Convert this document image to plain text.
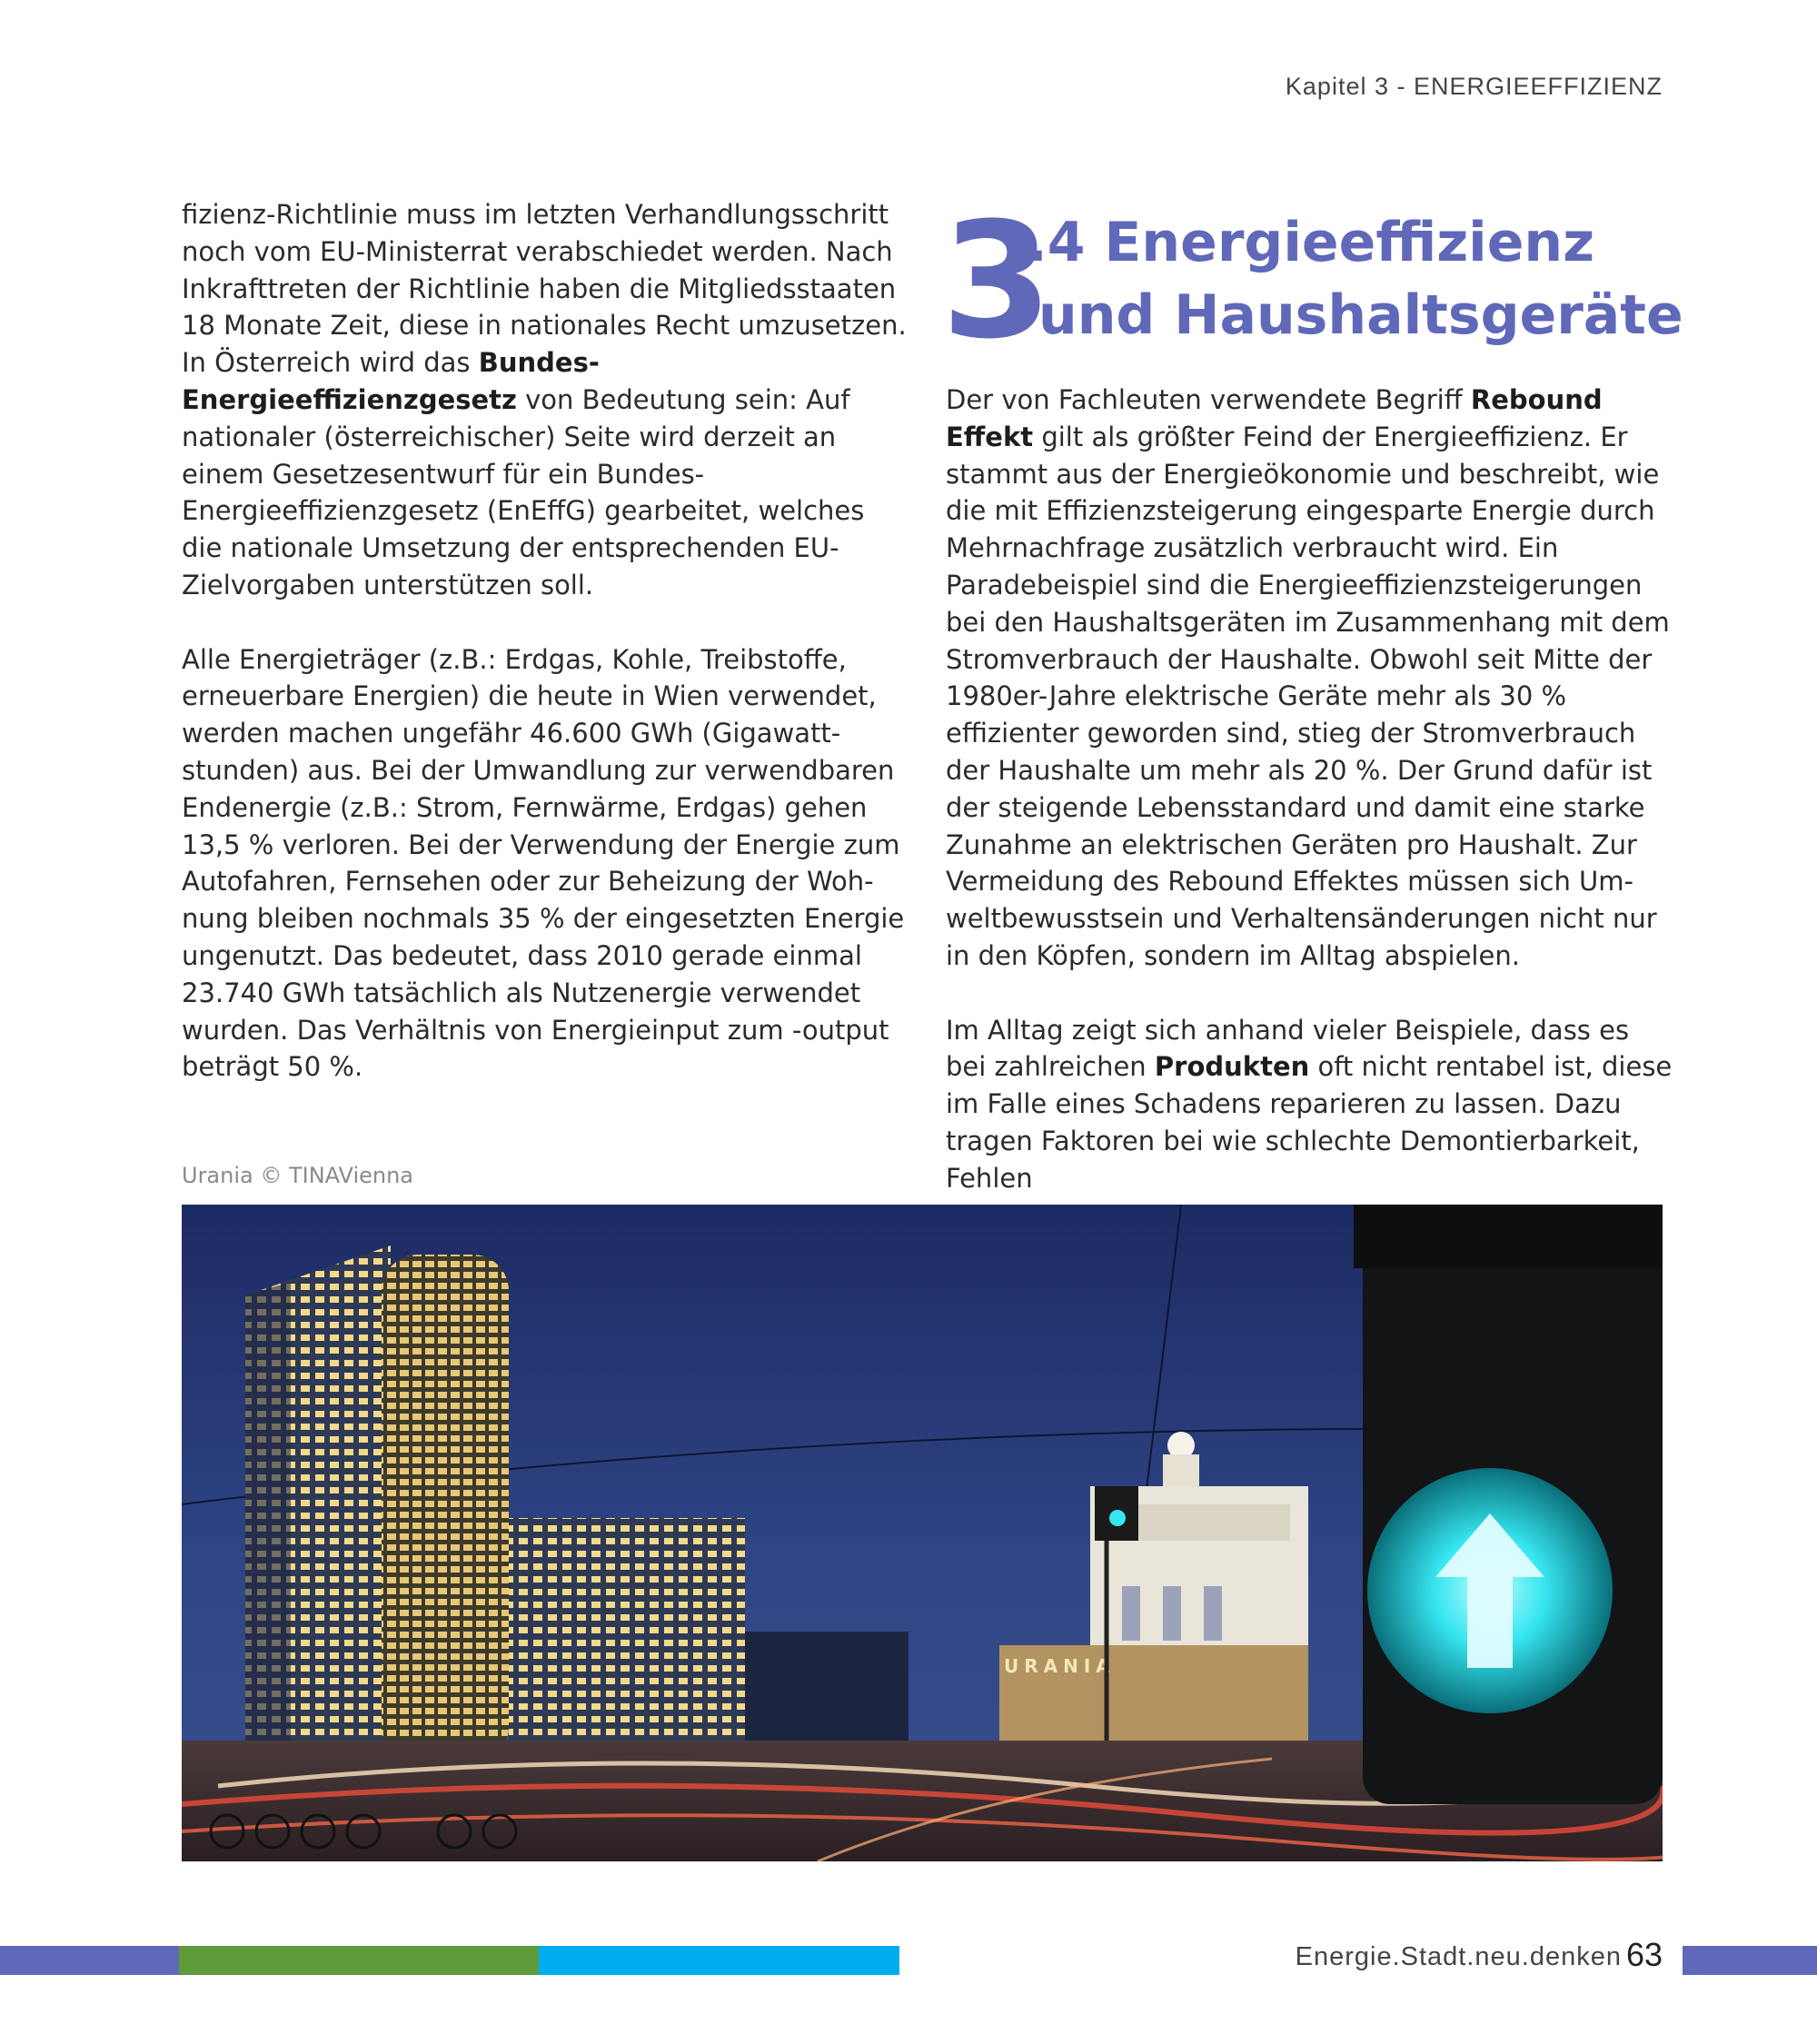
Kapitel 3 - ENERGIEEFFIZIENZ

fizienz-Richtlinie muss im letzten Verhandlungsschritt noch vom EU-Ministerrat verabschiedet werden. Nach Inkrafttreten der Richtlinie haben die Mitgliedsstaaten 18 Monate Zeit, diese in nationales Recht umzusetzen. In Österreich wird das Bundes-Energieeffizienzgesetz von Bedeutung sein: Auf nationaler (österreichischer) Seite wird derzeit an einem Gesetzesentwurf für ein Bundes-Energieeffizienzgesetz (EnEffG) gearbeitet, welches die nationale Umsetzung der entsprechenden EU-Zielvorgaben unterstützen soll.

Alle Energieträger (z.B.: Erdgas, Kohle, Treibstoffe, erneuerbare Energien) die heute in Wien verwendet, werden machen ungefähr 46.600 GWh (Gigawatt- stunden) aus. Bei der Umwandlung zur verwendbaren Endenergie (z.B.: Strom, Fernwärme, Erdgas) gehen 13,5 % verloren. Bei der Verwendung der Energie zum Autofahren, Fernsehen oder zur Beheizung der Woh- nung bleiben nochmals 35 % der eingesetzten Energie ungenutzt. Das bedeutet, dass 2010 gerade einmal 23.740 GWh tatsächlich als Nutzenergie verwendet wurden. Das Verhältnis von Energieinput zum -output beträgt 50 %.

3
.4 Energieeffizienz
und Haushaltsgeräte

Der von Fachleuten verwendete Begriff Rebound Effekt gilt als größter Feind der Energieeffizienz. Er stammt aus der Energieökonomie und beschreibt, wie die mit Effizienzsteigerung eingesparte Energie durch Mehrnachfrage zusätzlich verbraucht wird. Ein Paradebeispiel sind die Energieeffizienzsteigerungen bei den Haushaltsgeräten im Zusammenhang mit dem Stromverbrauch der Haushalte. Obwohl seit Mitte der 1980er-Jahre elektrische Geräte mehr als 30 % effizienter geworden sind, stieg der Stromverbrauch der Haushalte um mehr als 20 %. Der Grund dafür ist der steigende Lebensstandard und damit eine starke Zunahme an elektrischen Geräten pro Haushalt. Zur Vermeidung des Rebound Effektes müssen sich Um- weltbewusstsein und Verhaltensänderungen nicht nur in den Köpfen, sondern im Alltag abspielen.

Im Alltag zeigt sich anhand vieler Beispiele, dass es bei zahlreichen Produkten oft nicht rentabel ist, diese im Falle eines Schadens reparieren zu lassen. Dazu tragen Faktoren bei wie schlechte Demontierbarkeit, Fehlen

Urania © TINAVienna
URANIA
Energie.Stadt.neu.denken 63
